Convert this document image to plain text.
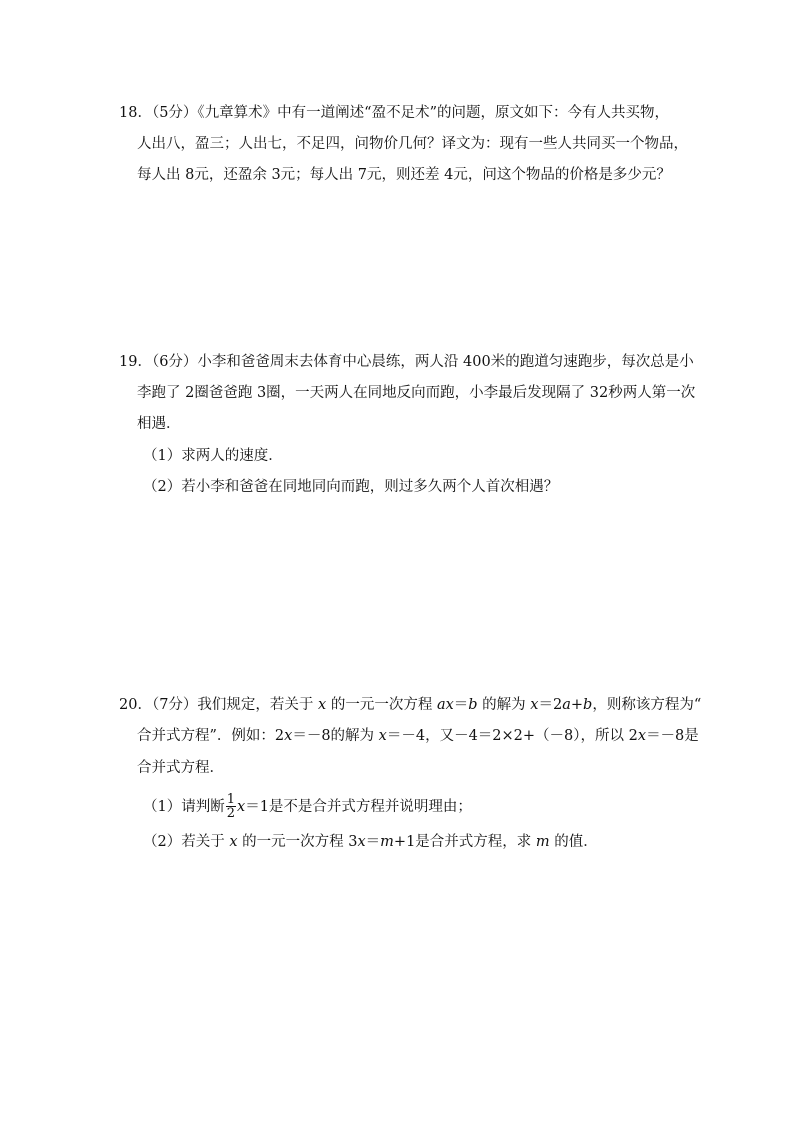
18．（5分）《九章算术》中有一道阐述“盈不足术”的问题，原文如下：今有人共买物，
人出八，盈三；人出七，不足四，问物价几何？译文为：现有一些人共同买一个物品，
每人出 8元，还盈余 3元；每人出 7元，则还差 4元，问这个物品的价格是多少元？
19．（6分）小李和爸爸周末去体育中心晨练，两人沿 400米的跑道匀速跑步，每次总是小
李跑了 2圈爸爸跑 3圈，一天两人在同地反向而跑，小李最后发现隔了 32秒两人第一次
相遇．
（1）求两人的速度．
（2）若小李和爸爸在同地同向而跑，则过多久两个人首次相遇？
20．（7分）我们规定，若关于 x 的一元一次方程 ax＝b 的解为 x＝2a+b，则称该方程为“
合并式方程”．例如：2x＝－8的解为 x＝－4，又－4＝2×2+（－8），所以 2x＝－8是
合并式方程．
（1）请判断 $\frac{1}{2} x=1$是不是合并式方程并说明理由；
（2）若关于 x 的一元一次方程 3x＝m+1是合并式方程，求 m 的值．
